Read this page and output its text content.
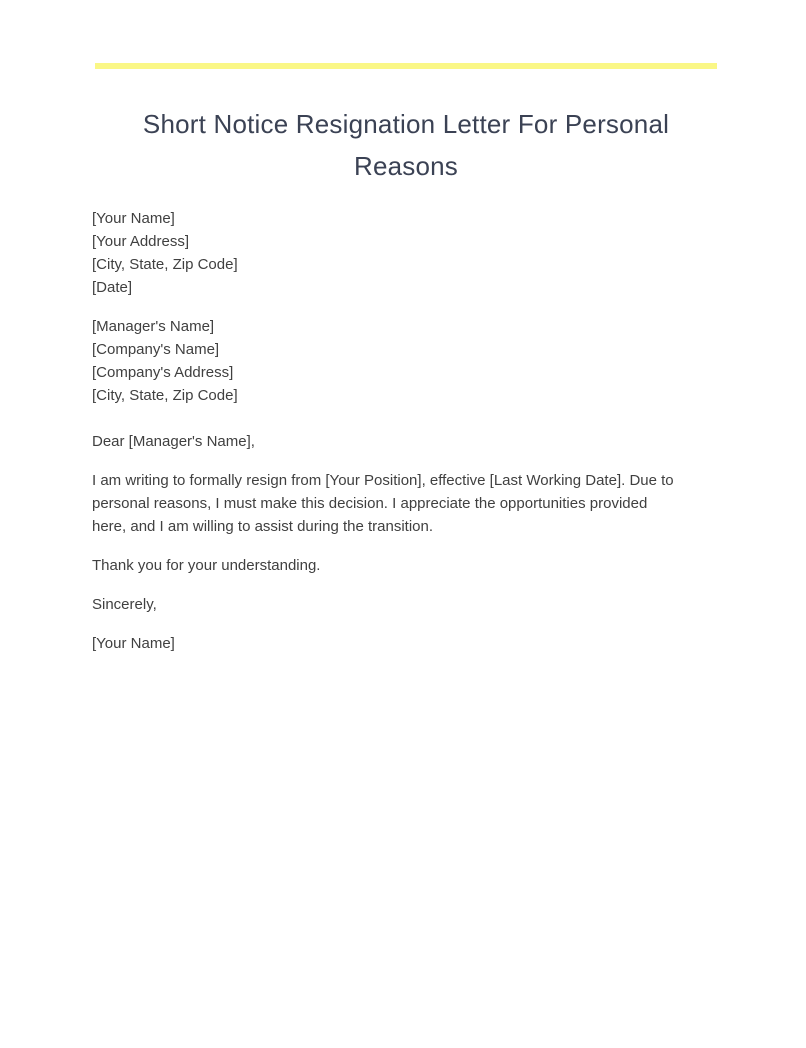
Short Notice Resignation Letter For Personal Reasons
[Your Name]
[Your Address]
[City, State, Zip Code]
[Date]
[Manager's Name]
[Company's Name]
[Company's Address]
[City, State, Zip Code]

Dear [Manager's Name],

I am writing to formally resign from [Your Position], effective [Last Working Date]. Due to personal reasons, I must make this decision. I appreciate the opportunities provided here, and I am willing to assist during the transition.

Thank you for your understanding.

Sincerely,

[Your Name]
